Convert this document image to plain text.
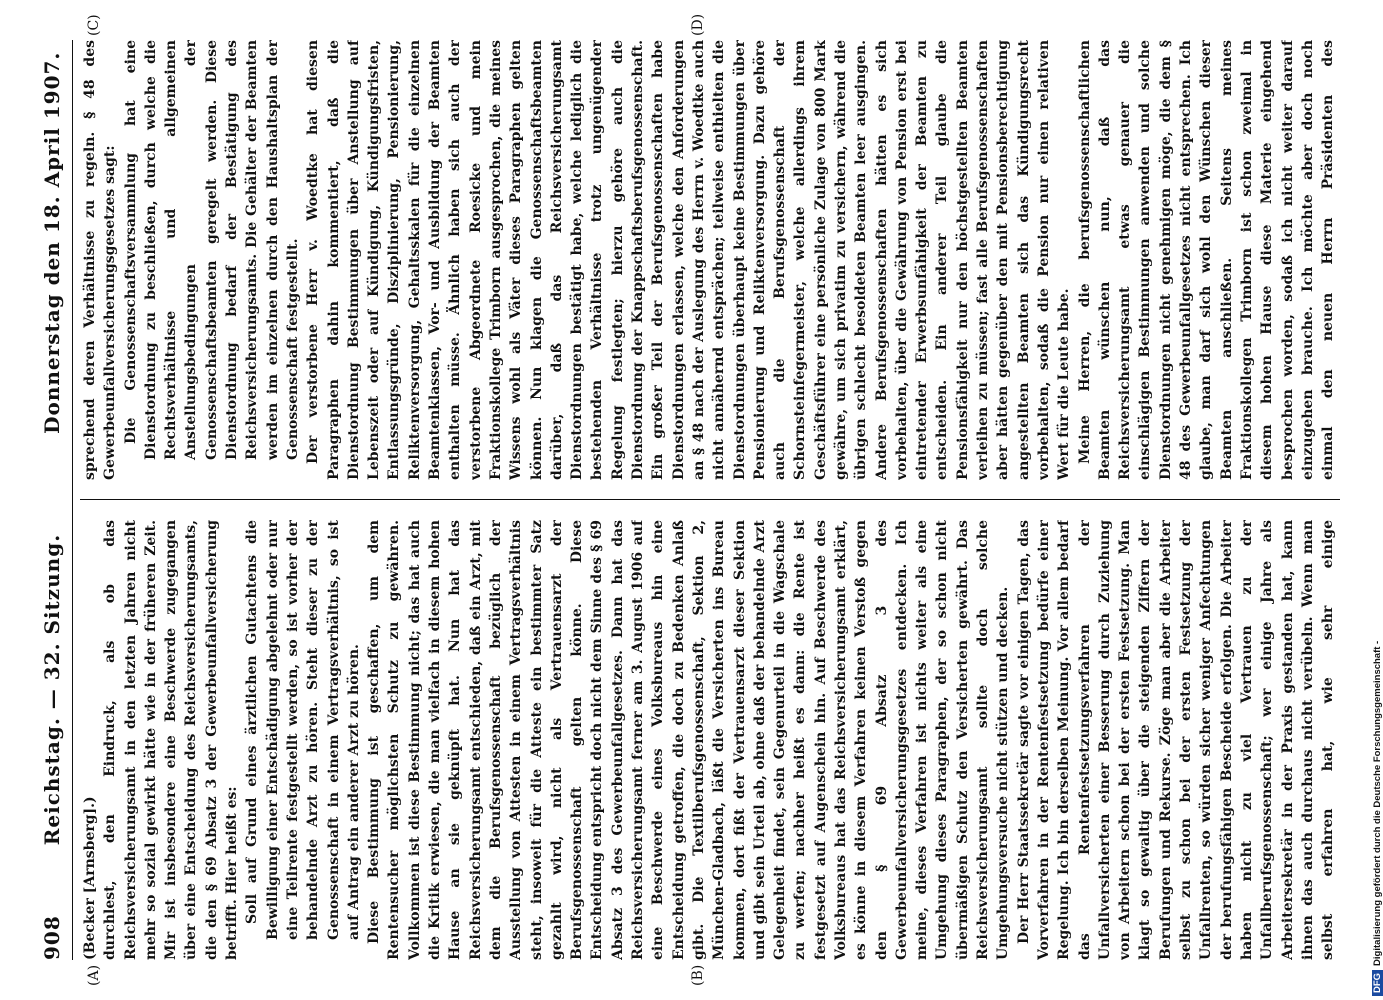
908
Reichstag. — 32. Sitzung.
Donnerstag den 18. April 1907.
(A)	(B)
(C)	(D)

(Becker [Arnsberg].) durchlest, den Eindruck, als ob das Reichsversicherungsamt in den letzten Jahren nicht mehr so sozial gewirkt hätte wie in der früheren Zeit. Mir ist insbesondere eine Beschwerde zugegangen über eine Entscheidung des Reichsversicherungsamts, die den § 69 Absatz 3 der Gewerbeunfallversicherung betrifft. Hier heißt es: Soll auf Grund eines ärztlichen Gutachtens die Bewilligung einer Entschädigung abgelehnt oder nur eine Teilrente festgestellt werden, so ist vorher der behandelnde Arzt zu hören. Steht dieser zu der Genossenschaft in einem Vertragsverhältnis, so ist auf Antrag ein anderer Arzt zu hören. Diese Bestimmung ist geschaffen, um dem Rentensucher möglichsten Schutz zu gewähren. Vollkommen ist diese Bestimmung nicht; das hat auch die Kritik erwiesen, die man vielfach in diesem hohen Hause an sie geknüpft hat. Nun hat das Reichsversicherungsamt entschieden, daß ein Arzt, mit dem die Berufsgenossenschaft bezüglich der Ausstellung von Attesten in einem Vertragsverhältnis steht, insoweit für die Atteste ein bestimmter Satz gezahlt wird, nicht als Vertrauensarzt der Berufsgenossenschaft gelten könne. Diese Entscheidung entspricht doch nicht dem Sinne des § 69 Absatz 3 des Gewerbeunfallgesetzes. Dann hat das Reichsversicherungsamt ferner am 3. August 1906 auf eine Beschwerde eines Volksbureaus hin eine Entscheidung getroffen, die doch zu Bedenken Anlaß gibt. Die Textilberufsgenossenschaft, Sektion 2, München-Gladbach, läßt die Versicherten ins Bureau kommen, dort fißt der Vertrauensarzt dieser Sektion und gibt sein Urteil ab, ohne daß der behandelnde Arzt Gelegenheit findet, sein Gegenurteil in die Wagschale zu werfen; nachher heißt es dann: die Rente ist festgesetzt auf Augenschein hin. Auf Beschwerde des Volksbureaus hat das Reichsversicherungsamt erklärt, es könne in diesem Verfahren keinen Verstoß gegen den § 69 Absatz 3 des Gewerbeunfallversicherungsgesetzes entdecken. Ich meine, dieses Verfahren ist nichts weiter als eine Umgehung dieses Paragraphen, der so schon nicht übermäßigen Schutz den Versicherten gewährt. Das Reichsversicherungsamt sollte doch solche Umgehungsversuche nicht stützen und decken. Der Herr Staatssekretär sagte vor einigen Tagen, das Vorverfahren in der Rentenfestsetzung bedürfe einer Regelung. Ich bin derselben Meinung. Vor allem bedarf das Rentenfestsetzungsverfahren der Unfallversicherten einer Besserung durch Zuziehung von Arbeitern schon bei der ersten Festsetzung. Man klagt so gewaltig über die steigenden Ziffern der Berufungen und Rekurse. Zöge man aber die Arbeiter selbst zu schon bei der ersten Festsetzung der Unfallrenten, so würden sicher weniger Anfechtungen der berufungsfähigen Bescheide erfolgen. Die Arbeiter haben nicht zu viel Vertrauen zu der Unfallberufsgenossenschaft; wer einige Jahre als Arbeitersekretär in der Praxis gestanden hat, kann ihnen das auch durchaus nicht verübeln. Wenn man selbst erfahren hat, wie sehr einige

sprechend deren Verhältnisse zu regeln. § 48 des Gewerbeunfallversicherungsgesetzes sagt: Die Genossenschaftsversammlung hat eine Dienstordnung zu beschließen, durch welche die Rechtsverhältnisse und allgemeinen Anstellungsbedingungen der Genossenschaftsbeamten geregelt werden. Diese Dienstordnung bedarf der Bestätigung des Reichsversicherungsamts. Die Gehälter der Beamten werden im einzelnen durch den Haushaltsplan der Genossenschaft festgestellt. Der verstorbene Herr v. Woedtke hat diesen Paragraphen dahin kommentiert, daß die Dienstordnung Bestimmungen über Anstellung auf Lebenszeit oder auf Kündigung, Kündigungsfristen, Entlassungsgründe, Disziplinierung, Pensionierung, Reliktenversorgung, Gehaltsskalen für die einzelnen Beamtenklassen, Vor- und Ausbildung der Beamten enthalten müsse. Ähnlich haben sich auch der verstorbene Abgeordnete Roesicke und mein Fraktionskollege Trimborn ausgesprochen, die meines Wissens wohl als Väter dieses Paragraphen gelten können. Nun klagen die Genossenschaftsbeamten darüber, daß das Reichsversicherungsamt Dienstordnungen bestätigt habe, welche lediglich die bestehenden Verhältnisse trotz ungenügender Regelung festlegten; hierzu gehöre auch die Dienstordnung der Knappschaftsberufsgenossenschaft. Ein großer Teil der Berufsgenossenschaften habe Dienstordnungen erlassen, welche den Anforderungen an § 48 nach der Auslegung des Herrn v. Woedtke auch nicht annähernd entsprächen; teilweise enthielten die Dienstordnungen überhaupt keine Bestimmungen über Pensionierung und Reliktenversorgung. Dazu gehöre auch die Berufsgenossenschaft der Schornsteinfegermeister, welche allerdings ihrem Geschäftsführer eine persönliche Zulage von 800 Mark gewähre, um sich privatim zu versichern, während die übrigen schlecht besoldeten Beamten leer ausgingen. Andere Berufsgenossenschaften hätten es sich vorbehalten, über die Gewährung von Pension erst bei eintretender Erwerbsunfähigkeit der Beamten zu entscheiden. Ein anderer Teil glaube die Pensionsfähigkeit nur den höchstgestellten Beamten verleihen zu müssen; fast alle Berufsgenossenschaften aber hätten gegenüber den mit Pensionsberechtigung angestellten Beamten sich das Kündigungsrecht vorbehalten, sodaß die Pension nur einen relativen Wert für die Leute habe. Meine Herren, die berufsgenossenschaftlichen Beamten wünschen nun, daß das Reichsversicherungsamt etwas genauer die einschlägigen Bestimmungen anwenden und solche Dienstordnungen nicht genehmigen möge, die dem § 48 des Gewerbeunfallgesetzes nicht entsprechen. Ich glaube, man darf sich wohl den Wünschen dieser Beamten anschließen. Seitens meines Fraktionskollegen Trimborn ist schon zweimal in diesem hohen Hause diese Materie eingehend besprochen worden, sodaß ich nicht weiter darauf einzugehen brauche. Ich möchte aber doch noch einmal den neuen Herrn Präsidenten des

DFGDigitalisierung gefördert durch die Deutsche Forschungsgemeinschaft -
